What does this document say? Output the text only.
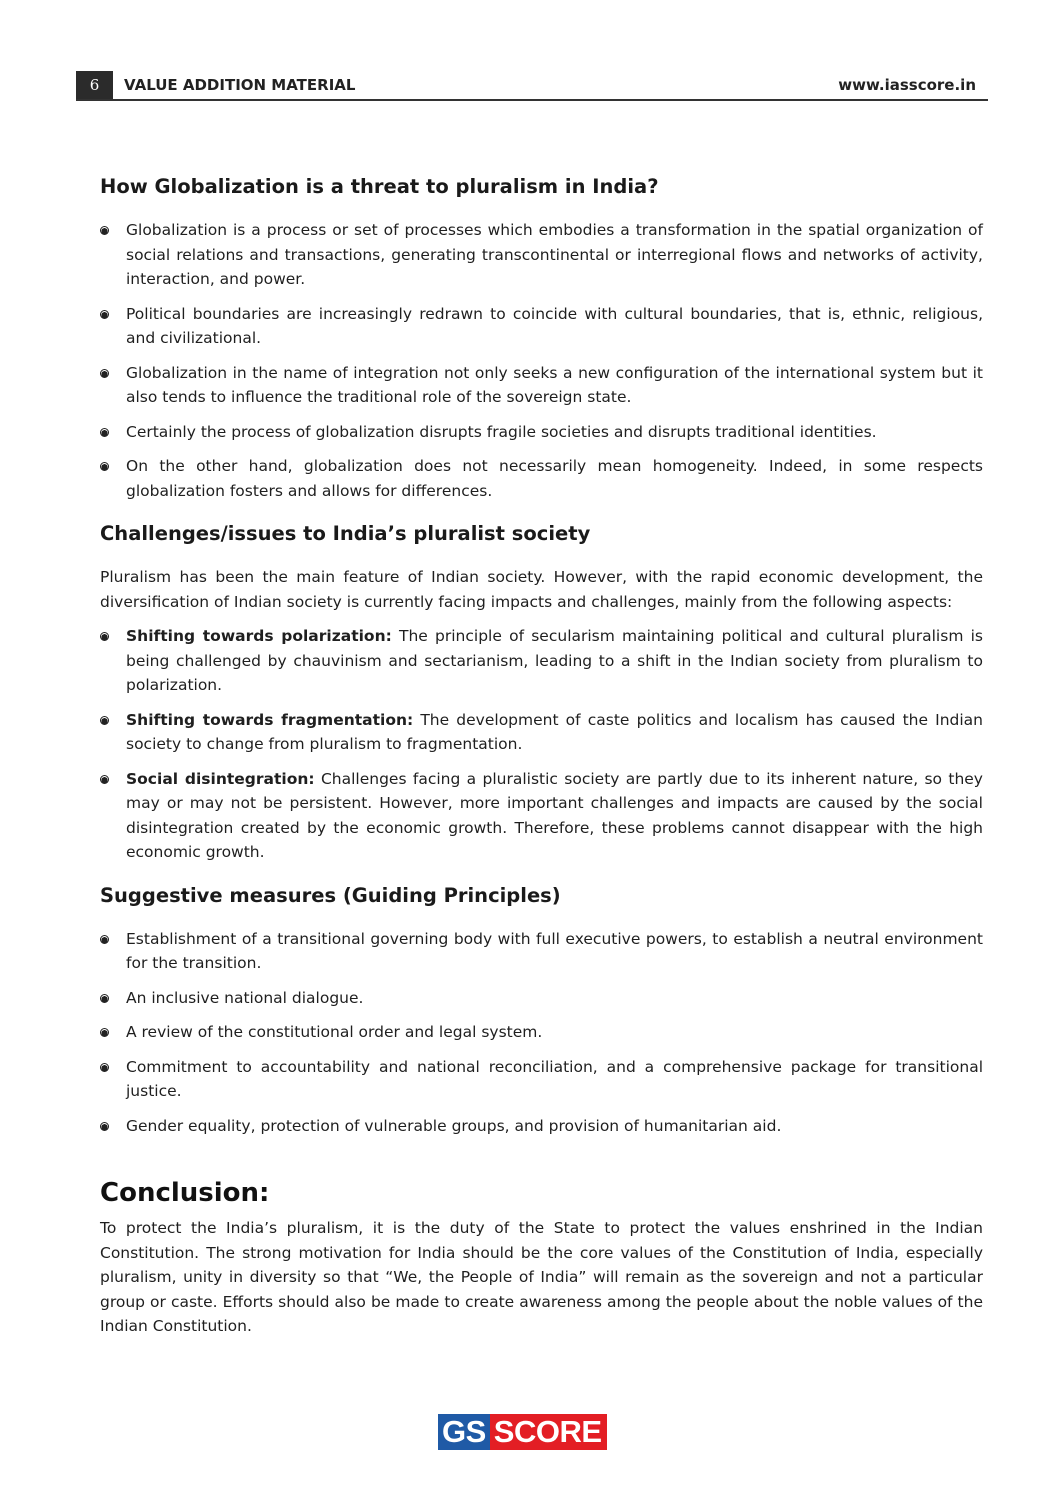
6	VALUE ADDITION MATERIAL	www.iasscore.in
How Globalization is a threat to pluralism in India?
Globalization is a process or set of processes which embodies a transformation in the spatial organization of social relations and transactions, generating transcontinental or interregional flows and networks of activity, interaction, and power.
Political boundaries are increasingly redrawn to coincide with cultural boundaries, that is, ethnic, religious, and civilizational.
Globalization in the name of integration not only seeks a new configuration of the international system but it also tends to influence the traditional role of the sovereign state.
Certainly the process of globalization disrupts fragile societies and disrupts traditional identities.
On the other hand, globalization does not necessarily mean homogeneity. Indeed, in some respects globalization fosters and allows for differences.
Challenges/issues to India’s pluralist society

Pluralism has been the main feature of Indian society. However, with the rapid economic development, the diversification of Indian society is currently facing impacts and challenges, mainly from the following aspects:

Shifting towards polarization: The principle of secularism maintaining political and cultural pluralism is being challenged by chauvinism and sectarianism, leading to a shift in the Indian society from pluralism to polarization.
Shifting towards fragmentation: The development of caste politics and localism has caused the Indian society to change from pluralism to fragmentation.
Social disintegration: Challenges facing a pluralistic society are partly due to its inherent nature, so they may or may not be persistent. However, more important challenges and impacts are caused by the social disintegration created by the economic growth. Therefore, these problems cannot disappear with the high economic growth.
Suggestive measures (Guiding Principles)
Establishment of a transitional governing body with full executive powers, to establish a neutral environment for the transition.
An inclusive national dialogue.
A review of the constitutional order and legal system.
Commitment to accountability and national reconciliation, and a comprehensive package for transitional justice.
Gender equality, protection of vulnerable groups, and provision of humanitarian aid.
Conclusion:

To protect the India’s pluralism, it is the duty of the State to protect the values enshrined in the Indian Constitution. The strong motivation for India should be the core values of the Constitution of India, especially pluralism, unity in diversity so that “We, the People of India” will remain as the sovereign and not a particular group or caste. Efforts should also be made to create awareness among the people about the noble values of the Indian Constitution.

GS SCORE
